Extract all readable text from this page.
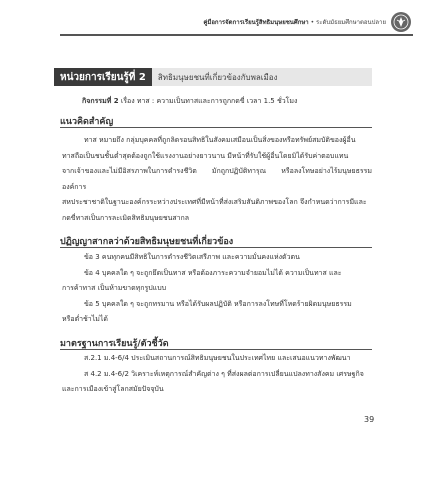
คู่มือการจัดการเรียนรู้สิทธิมนุษยชนศึกษา • ระดับมัธยมศึกษาตอนปลาย
หน่วยการเรียนรู้ที่ 2	สิทธิมนุษยชนที่เกี่ยวข้องกับพลเมือง
กิจกรรมที่ 2 เรื่อง ทาส : ความเป็นทาสและการถูกกดขี่ เวลา 1.5 ชั่วโมง
แนวคิดสำคัญ

ทาส หมายถึง กลุ่มบุคคลที่ถูกลิดรอนสิทธิในสังคมเสมือนเป็นสิ่งของหรือทรัพย์สมบัติของผู้อื่น

ทาสถือเป็นชนชั้นต่ำสุดต้องถูกใช้แรงงานอย่างยาวนาน มีหน้าที่รับใช้ผู้อื่นโดยมิได้รับค่าตอบแทน

จากเจ้าของและไม่มีอิสรภาพในการดำรงชีวิต มักถูกปฏิบัติทารุณ หรือลงโทษอย่างไร้มนุษยธรรม องค์การ

สหประชาชาติในฐานะองค์กรระหว่างประเทศที่มีหน้าที่ส่งเสริมสันติภาพของโลก จึงกำหนดว่าการมีและ

กดขี่ทาสเป็นการละเมิดสิทธิมนุษยชนสากล

ปฏิญญาสากลว่าด้วยสิทธิมนุษยชนที่เกี่ยวข้อง

ข้อ 3 คนทุกคนมีสิทธิในการดำรงชีวิตเสรีภาพ และความมั่นคงแห่งตัวตน

ข้อ 4 บุคคลใด ๆ จะถูกยึดเป็นทาส หรือต้องภาระความจำยอมไม่ได้ ความเป็นทาส และ

การค้าทาส เป็นห้ามขาดทุกรูปแบบ

ข้อ 5 บุคคลใด ๆ จะถูกทรมาน หรือได้รับผลปฏิบัติ หรือการลงโทษที่โหดร้ายผิดมนุษยธรรม

หรือต่ำช้าไม่ได้

มาตรฐานการเรียนรู้/ตัวชี้วัด

ส.2.1 ม.4-6/4 ประเมินสถานการณ์สิทธิมนุษยชนในประเทศไทย และเสนอแนวทางพัฒนา

ส 4.2 ม.4-6/2 วิเคราะห์เหตุการณ์สำคัญต่าง ๆ ที่ส่งผลต่อการเปลี่ยนแปลงทางสังคม เศรษฐกิจ

และการเมืองเข้าสู่โลกสมัยปัจจุบัน

39
